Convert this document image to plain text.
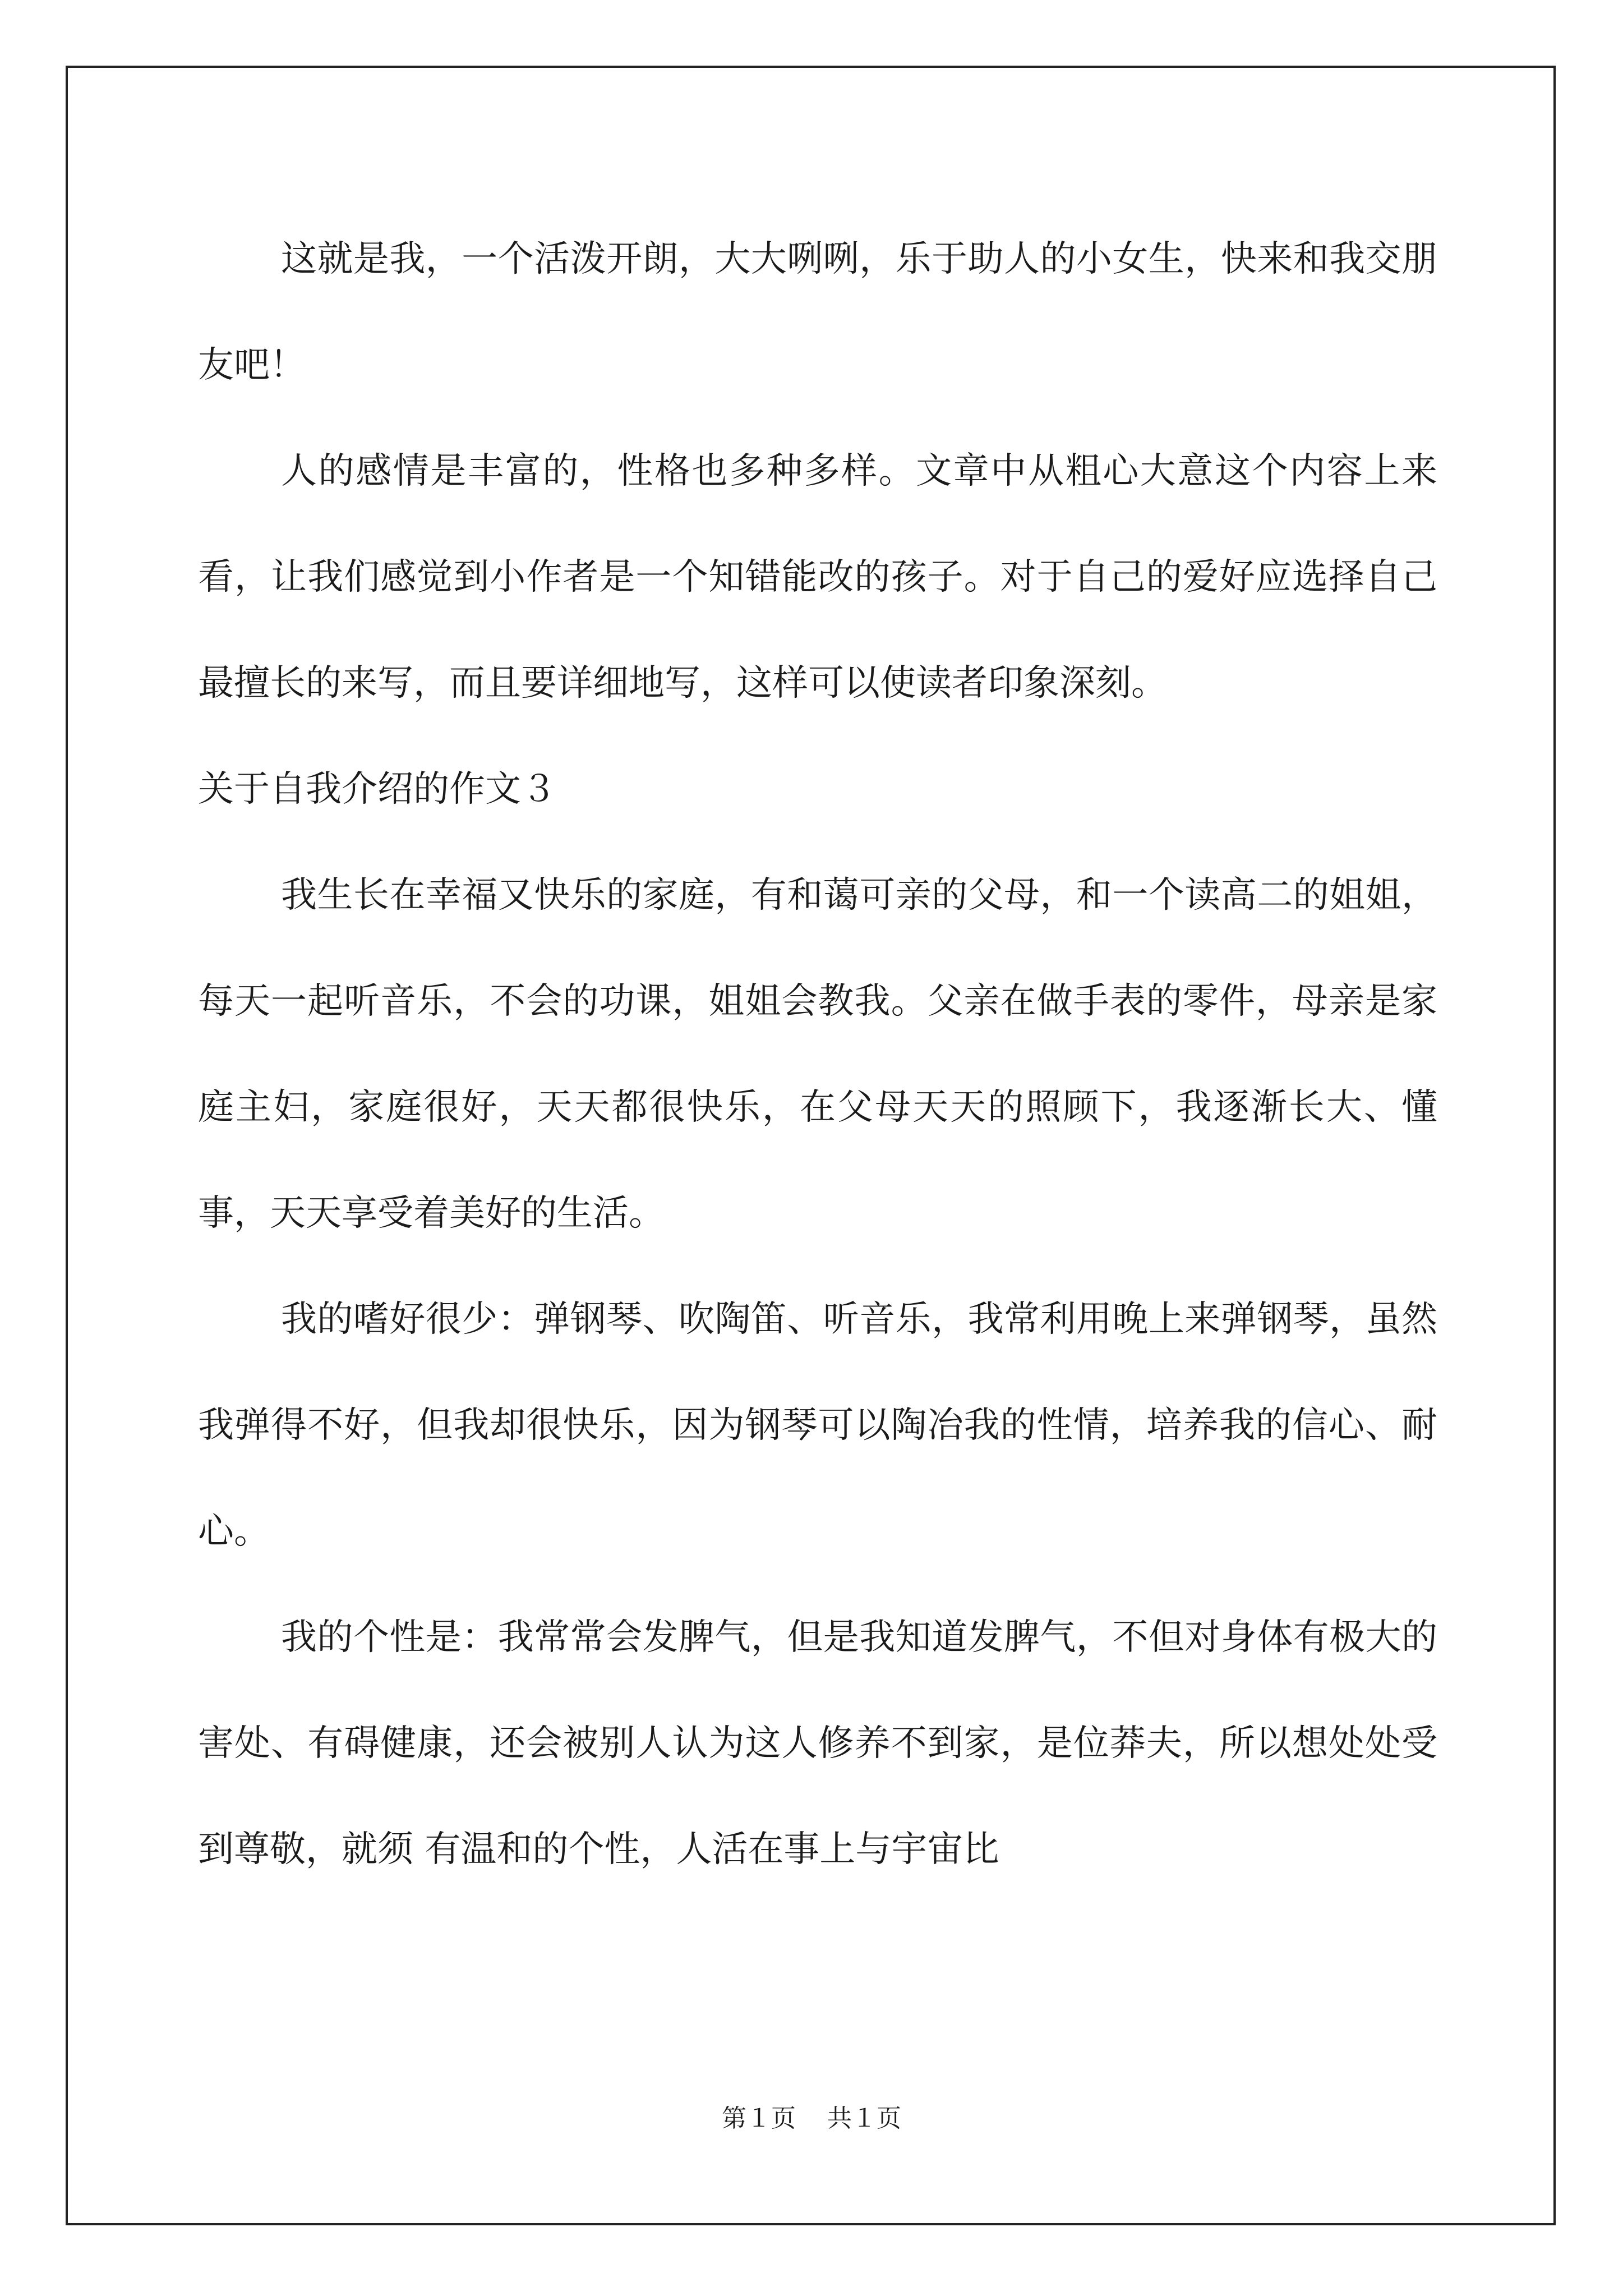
这就是我，一个活泼开朗，大大咧咧，乐于助人的小女生，快来和我交朋友吧！

人的感情是丰富的，性格也多种多样。文章中从粗心大意这个内容上来看，让我们感觉到小作者是一个知错能改的孩子。对于自己的爱好应选择自己最擅长的来写，而且要详细地写，这样可以使读者印象深刻。

关于自我介绍的作文３

我生长在幸福又快乐的家庭，有和蔼可亲的父母，和一个读高二的姐姐，每天一起听音乐，不会的功课，姐姐会教我。父亲在做手表的零件，母亲是家庭主妇，家庭很好，天天都很快乐，在父母天天的照顾下，我逐渐长大、懂事，天天享受着美好的生活。

我的嗜好很少：弹钢琴、吹陶笛、听音乐，我常利用晚上来弹钢琴，虽然我弹得不好，但我却很快乐，因为钢琴可以陶冶我的性情，培养我的信心、耐心。

我的个性是：我常常会发脾气，但是我知道发脾气，不但对身体有极大的害处、有碍健康，还会被别人认为这人修养不到家，是位莽夫，所以想处处受到尊敬，就须 有温和的个性，人活在事上与宇宙比

第１页 共１页
